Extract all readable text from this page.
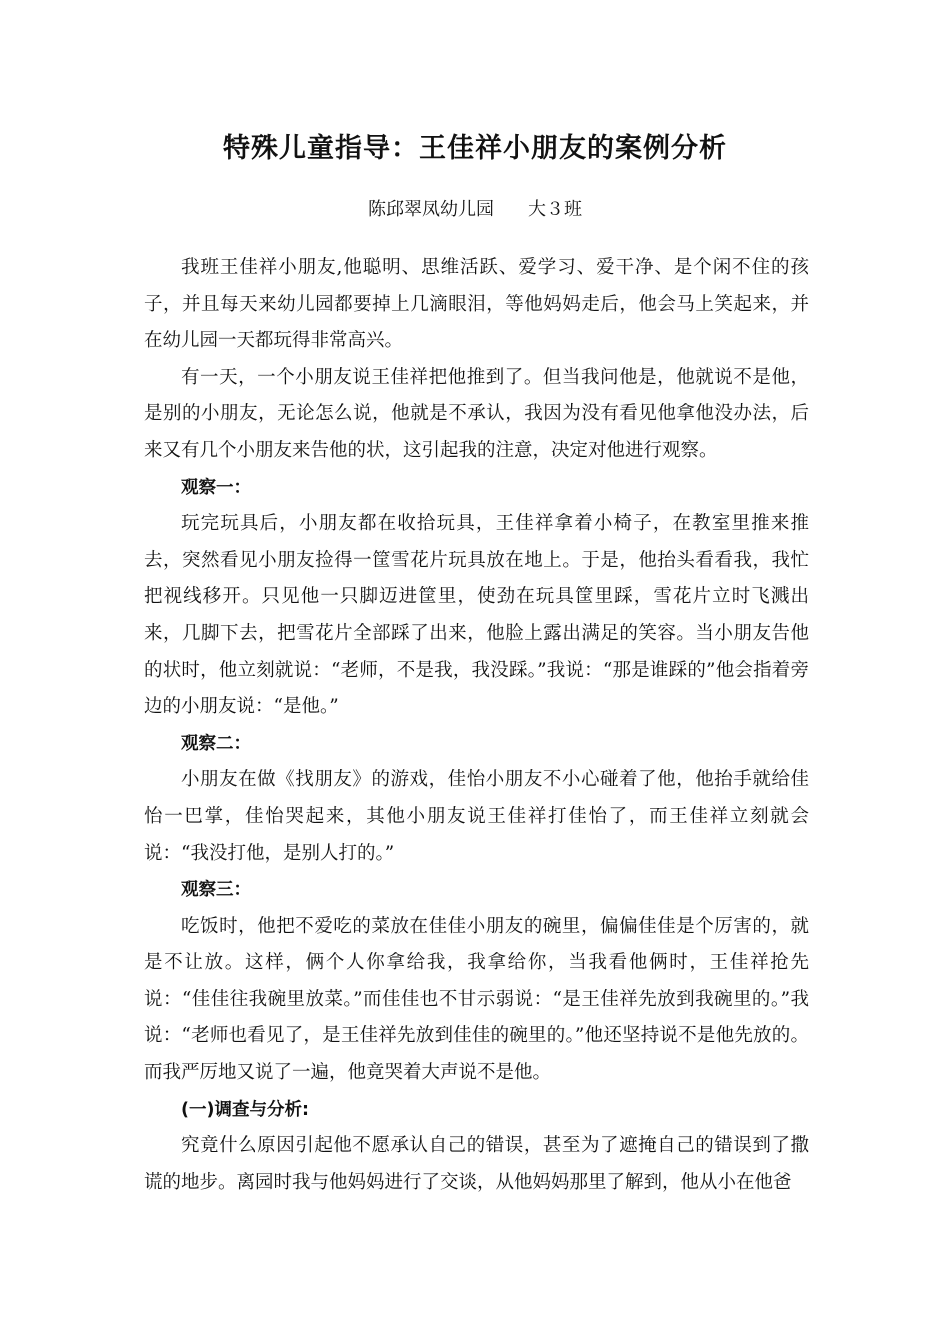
特殊儿童指导：王佳祥小朋友的案例分析
陈邱翠凤幼儿园 大３班

我班王佳祥小朋友,他聪明、思维活跃、爱学习、爱干净、是个闲不住的孩子，并且每天来幼儿园都要掉上几滴眼泪，等他妈妈走后，他会马上笑起来，并在幼儿园一天都玩得非常高兴。

有一天，一个小朋友说王佳祥把他推到了。但当我问他是，他就说不是他，是别的小朋友，无论怎么说，他就是不承认，我因为没有看见他拿他没办法，后来又有几个小朋友来告他的状，这引起我的注意，决定对他进行观察。

观察一：

玩完玩具后，小朋友都在收拾玩具，王佳祥拿着小椅子，在教室里推来推去，突然看见小朋友捡得一筐雪花片玩具放在地上。于是，他抬头看看我，我忙把视线移开。只见他一只脚迈进筐里，使劲在玩具筐里踩，雪花片立时飞溅出来，几脚下去，把雪花片全部踩了出来，他脸上露出满足的笑容。当小朋友告他的状时，他立刻就说：“老师，不是我，我没踩。”我说：“那是谁踩的”他会指着旁边的小朋友说：“是他。”

观察二：

小朋友在做《找朋友》的游戏，佳怡小朋友不小心碰着了他，他抬手就给佳怡一巴掌，佳怡哭起来，其他小朋友说王佳祥打佳怡了，而王佳祥立刻就会说：“我没打他，是别人打的。”

观察三：

吃饭时，他把不爱吃的菜放在佳佳小朋友的碗里，偏偏佳佳是个厉害的，就是不让放。这样，俩个人你拿给我，我拿给你，当我看他俩时，王佳祥抢先说：“佳佳往我碗里放菜。”而佳佳也不甘示弱说：“是王佳祥先放到我碗里的。”我说：“老师也看见了，是王佳祥先放到佳佳的碗里的。”他还坚持说不是他先放的。而我严厉地又说了一遍，他竟哭着大声说不是他。

(一)调查与分析:

究竟什么原因引起他不愿承认自己的错误，甚至为了遮掩自己的错误到了撒谎的地步。离园时我与他妈妈进行了交谈，从他妈妈那里了解到，他从小在他爸
